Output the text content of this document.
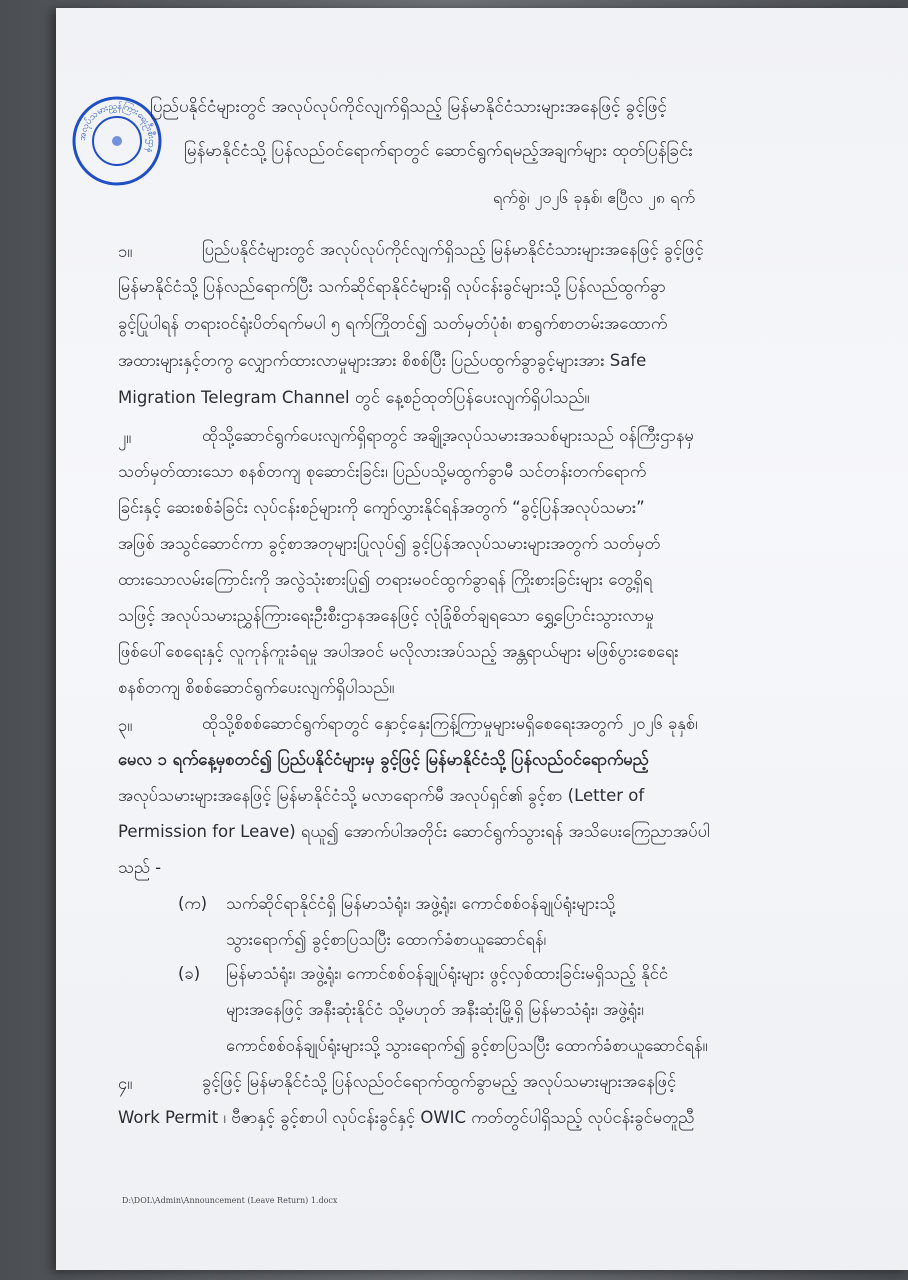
အလုပ်သမားညွှန်ကြားရေးဦးစီးဌာန
ပြည်ပနိုင်ငံများတွင် အလုပ်လုပ်ကိုင်လျက်ရှိသည့် မြန်မာနိုင်ငံသားများအနေဖြင့် ခွင့်ဖြင့်
မြန်မာနိုင်ငံသို့ ပြန်လည်ဝင်ရောက်ရာတွင် ဆောင်ရွက်ရမည့်အချက်များ ထုတ်ပြန်ခြင်း
ရက်စွဲ၊ ၂၀၂၆ ခုနှစ်၊ ဧပြီလ ၂၈ ရက်
၁။	ပြည်ပနိုင်ငံများတွင် အလုပ်လုပ်ကိုင်လျက်ရှိသည့် မြန်မာနိုင်ငံသားများအနေဖြင့် ခွင့်ဖြင့်
မြန်မာနိုင်ငံသို့ ပြန်လည်ရောက်ပြီး သက်ဆိုင်ရာနိုင်ငံများရှိ လုပ်ငန်းခွင်များသို့ ပြန်လည်ထွက်ခွာ
ခွင့်ပြုပါရန် တရားဝင်ရုံးပိတ်ရက်မပါ ၅ ရက်ကြိုတင်၍ သတ်မှတ်ပုံစံ၊ စာရွက်စာတမ်းအထောက်
အထားများနှင့်တကွ လျှောက်ထားလာမှုများအား စိစစ်ပြီး ပြည်ပထွက်ခွာခွင့်များအား Safe
Migration Telegram Channel တွင် နေ့စဉ်ထုတ်ပြန်ပေးလျက်ရှိပါသည်။
၂။	ထိုသို့ဆောင်ရွက်ပေးလျက်ရှိရာတွင် အချို့အလုပ်သမားအသစ်များသည် ဝန်ကြီးဌာနမှ
သတ်မှတ်ထားသော စနစ်တကျ စုဆောင်းခြင်း၊ ပြည်ပသို့မထွက်ခွာမီ သင်တန်းတက်ရောက်
ခြင်းနှင့် ဆေးစစ်ခံခြင်း လုပ်ငန်းစဉ်များကို ကျော်လွှားနိုင်ရန်အတွက် “ခွင့်ပြန်အလုပ်သမား”
အဖြစ် အသွင်ဆောင်ကာ ခွင့်စာအတုများပြုလုပ်၍ ခွင့်ပြန်အလုပ်သမားများအတွက် သတ်မှတ်
ထားသောလမ်းကြောင်းကို အလွဲသုံးစားပြု၍ တရားမဝင်ထွက်ခွာရန် ကြိုးစားခြင်းများ တွေ့ရှိရ
သဖြင့် အလုပ်သမားညွှန်ကြားရေးဦးစီးဌာနအနေဖြင့် လုံခြုံစိတ်ချရသော ရွှေ့ပြောင်းသွားလာမှု
ဖြစ်ပေါ်စေရေးနှင့် လူကုန်ကူးခံရမှု အပါအဝင် မလိုလားအပ်သည့် အန္တရာယ်များ မဖြစ်ပွားစေရေး
စနစ်တကျ စိစစ်ဆောင်ရွက်ပေးလျက်ရှိပါသည်။
၃။	ထိုသို့စိစစ်ဆောင်ရွက်ရာတွင် နှောင့်နှေးကြန့်ကြာမှုများမရှိစေရေးအတွက် ၂၀၂၆ ခုနှစ်၊
မေလ ၁ ရက်နေ့မှစတင်၍ ပြည်ပနိုင်ငံများမှ ခွင့်ဖြင့် မြန်မာနိုင်ငံသို့ ပြန်လည်ဝင်ရောက်မည့်
အလုပ်သမားများအနေဖြင့် မြန်မာနိုင်ငံသို့ မလာရောက်မီ အလုပ်ရှင်၏ ခွင့်စာ (Letter of
Permission for Leave) ရယူ၍ အောက်ပါအတိုင်း ဆောင်ရွက်သွားရန် အသိပေးကြေညာအပ်ပါ
သည် -
(က) သက်ဆိုင်ရာနိုင်ငံရှိ မြန်မာသံရုံး၊ အဖွဲ့ရုံး၊ ကောင်စစ်ဝန်ချုပ်ရုံးများသို့
သွားရောက်၍ ခွင့်စာပြသပြီး ထောက်ခံစာယူဆောင်ရန်၊
(ခ) မြန်မာသံရုံး၊ အဖွဲ့ရုံး၊ ကောင်စစ်ဝန်ချုပ်ရုံးများ ဖွင့်လှစ်ထားခြင်းမရှိသည့် နိုင်ငံ
များအနေဖြင့် အနီးဆုံးနိုင်ငံ သို့မဟုတ် အနီးဆုံးမြို့ရှိ မြန်မာသံရုံး၊ အဖွဲ့ရုံး၊
ကောင်စစ်ဝန်ချုပ်ရုံးများသို့ သွားရောက်၍ ခွင့်စာပြသပြီး ထောက်ခံစာယူဆောင်ရန်။
၄။	ခွင့်ဖြင့် မြန်မာနိုင်ငံသို့ ပြန်လည်ဝင်ရောက်ထွက်ခွာမည့် အလုပ်သမားများအနေဖြင့်
Work Permit ၊ ဗီဇာနှင့် ခွင့်စာပါ လုပ်ငန်းခွင်နှင့် OWIC ကတ်တွင်ပါရှိသည့် လုပ်ငန်းခွင်မတူညီ
D:\DOL\Admin\Announcement (Leave Return) 1.docx
